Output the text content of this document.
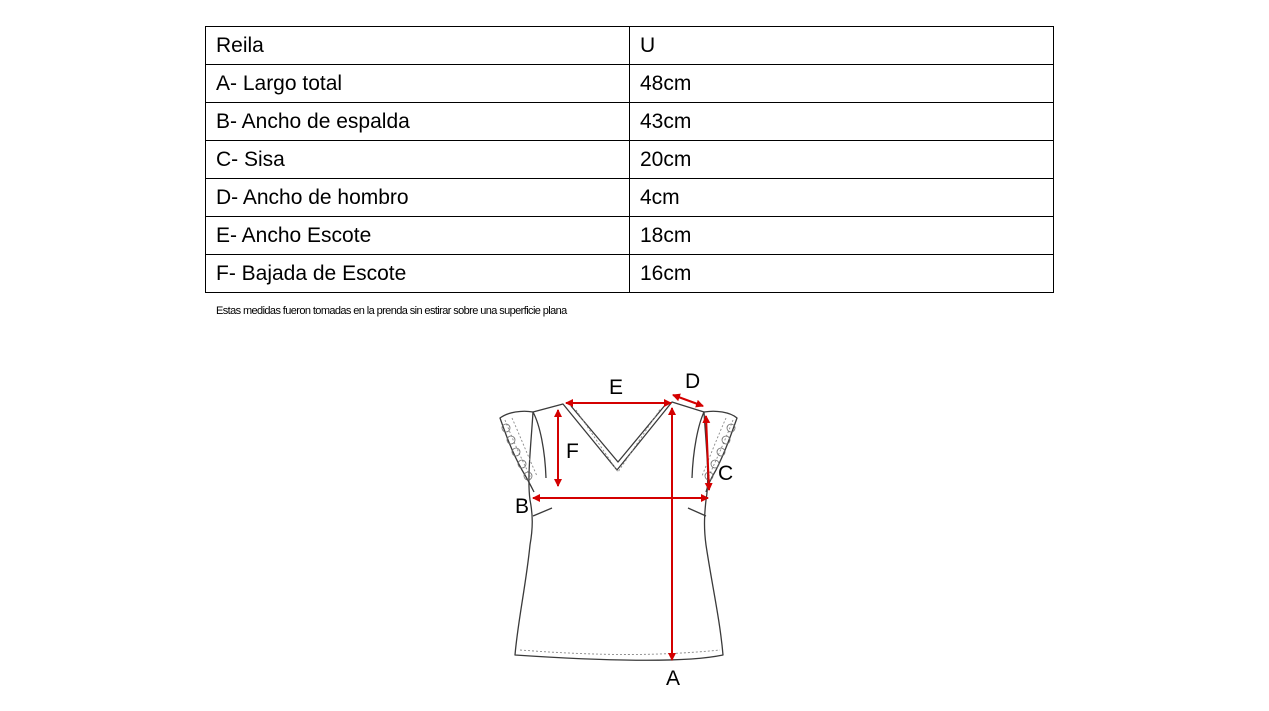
Reila	U
A- Largo total	48cm
B- Ancho de espalda	43cm
C- Sisa	20cm
D- Ancho de hombro	4cm
E- Ancho Escote	18cm
F- Bajada de Escote	16cm
Estas medidas fueron tomadas en la prenda sin estirar sobre una superficie plana
A
B
C
D
E
F
